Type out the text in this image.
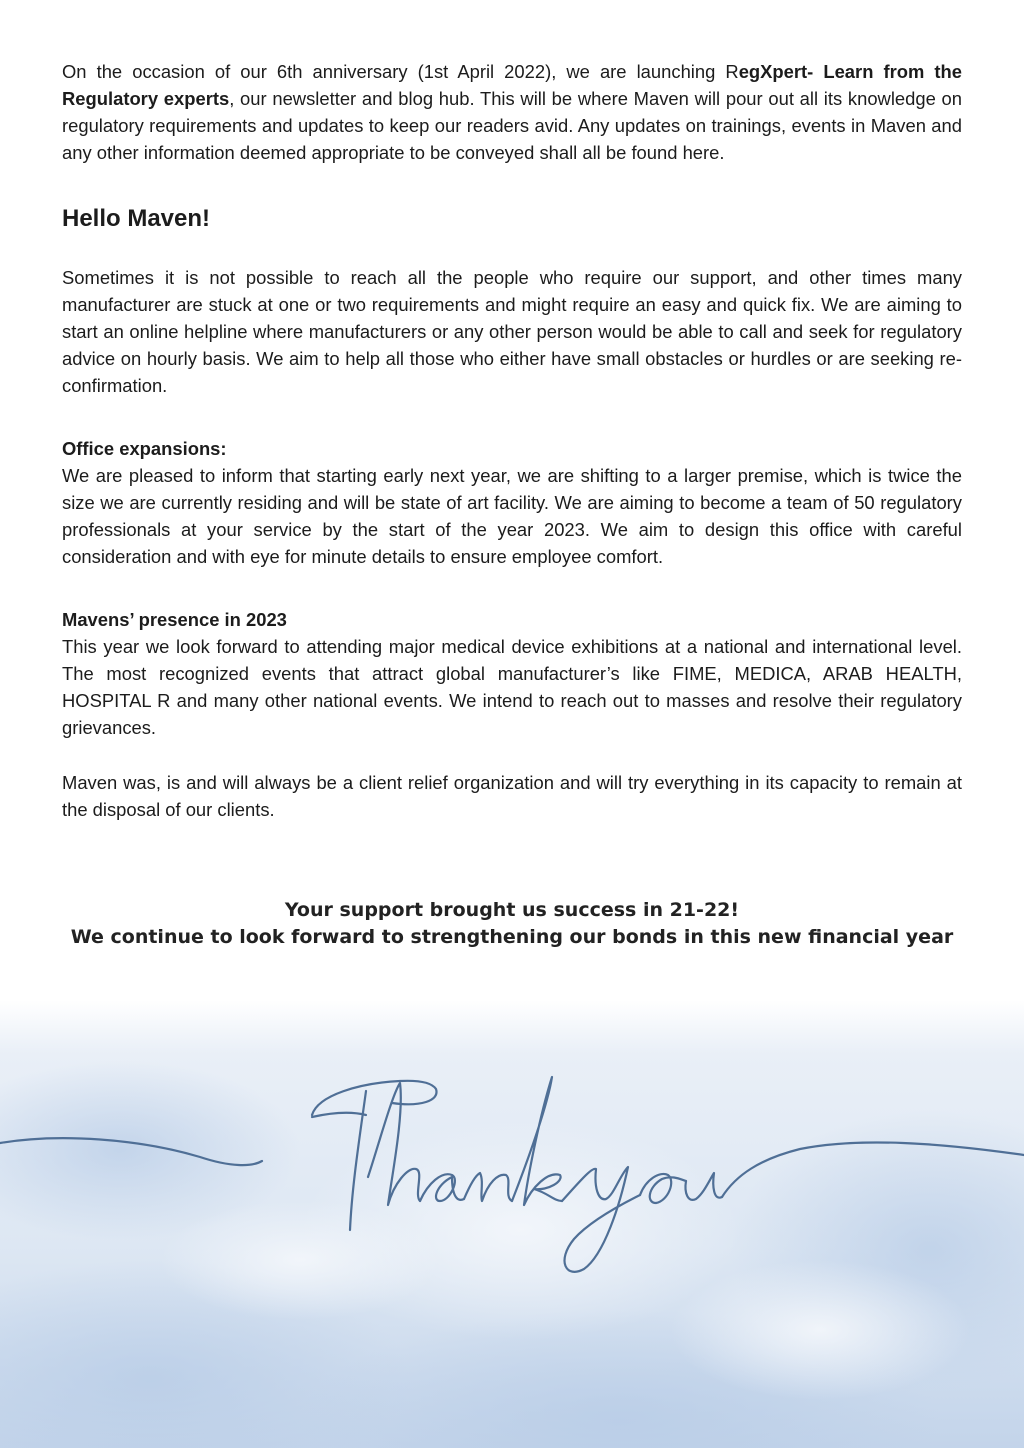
On the occasion of our 6th anniversary (1st April 2022), we are launching RegXpert- Learn from the Regulatory experts, our newsletter and blog hub. This will be where Maven will pour out all its knowledge on regulatory requirements and updates to keep our readers avid. Any updates on trainings, events in Maven and any other information deemed appropriate to be conveyed shall all be found here.

Hello Maven!

Sometimes it is not possible to reach all the people who require our support, and other times many manufacturer are stuck at one or two requirements and might require an easy and quick fix. We are aiming to start an online helpline where manufacturers or any other person would be able to call and seek for regulatory advice on hourly basis. We aim to help all those who either have small obstacles or hurdles or are seeking re-confirmation.

Office expansions:

We are pleased to inform that starting early next year, we are shifting to a larger premise, which is twice the size we are currently residing and will be state of art facility. We are aiming to become a team of 50 regulatory professionals at your service by the start of the year 2023. We aim to design this office with careful consideration and with eye for minute details to ensure employee comfort.

Mavens’ presence in 2023

This year we look forward to attending major medical device exhibitions at a national and international level. The most recognized events that attract global manufacturer’s like FIME, MEDICA, ARAB HEALTH, HOSPITAL R and many other national events. We intend to reach out to masses and resolve their regulatory grievances.

Maven was, is and will always be a client relief organization and will try everything in its capacity to remain at the disposal of our clients.

Your support brought us success in 21-22!
We continue to look forward to strengthening our bonds in this new financial year
